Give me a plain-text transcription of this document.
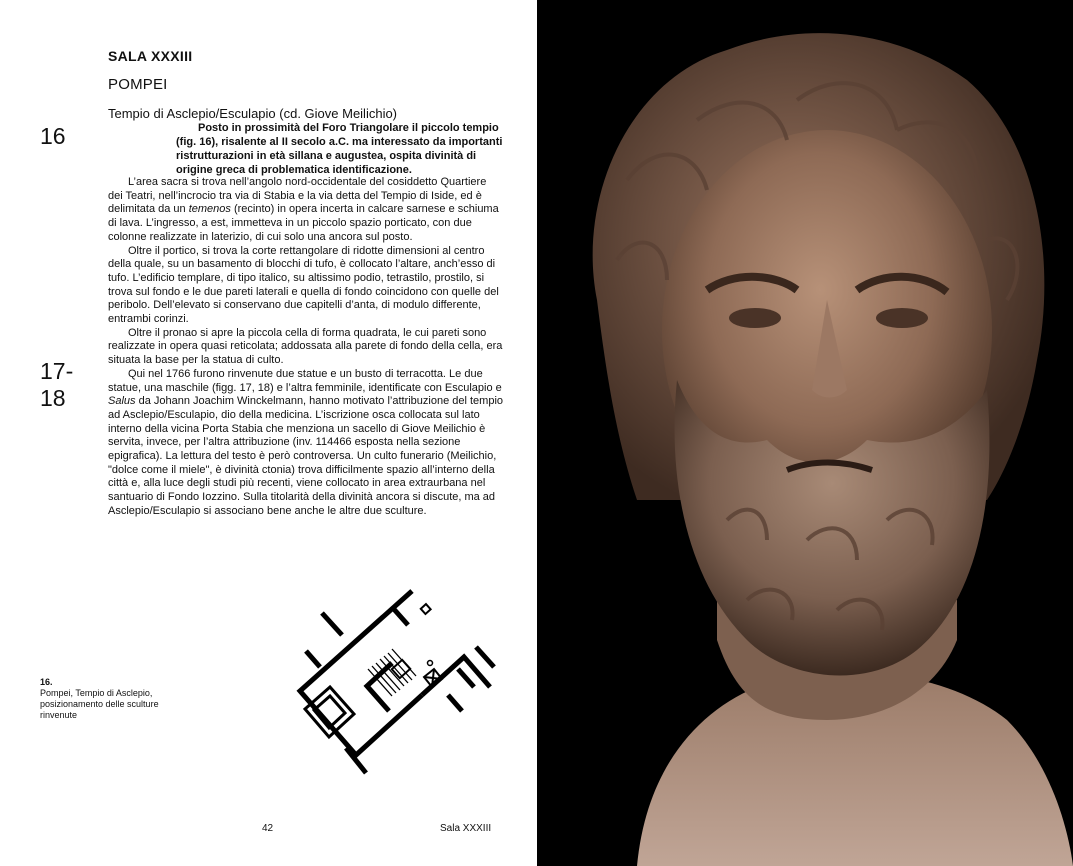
SALA XXXIII
POMPEI
Tempio di Asclepio/Esculapio (cd. Giove Meilichio)
16
17-
18
Posto in prossimità del Foro Triangolare il piccolo tempio (fig. 16), risalente al II secolo a.C. ma interessato da importanti ristrutturazioni in età sillana e augustea, ospita divinità di origine greca di problematica identificazione.

L’area sacra si trova nell’angolo nord-occidentale del cosiddetto Quartiere dei Teatri, nell’incrocio tra via di Stabia e la via detta del Tempio di Iside, ed è delimitata da un temenos (recinto) in opera incerta in calcare sarnese e schiuma di lava. L’ingresso, a est, immetteva in un piccolo spazio porticato, con due colonne realizzate in laterizio, di cui solo una ancora sul posto.

Oltre il portico, si trova la corte rettangolare di ridotte dimensioni al centro della quale, su un basamento di blocchi di tufo, è collocato l’altare, anch’esso di tufo. L’edificio templare, di tipo italico, su altissimo podio, tetrastilo, prostilo, si trova sul fondo e le due pareti laterali e quella di fondo coincidono con quelle del peribolo. Dell’elevato si conservano due capitelli d’anta, di modulo differente, entrambi corinzi.

Oltre il pronao si apre la piccola cella di forma quadrata, le cui pareti sono realizzate in opera quasi reticolata; addossata alla parete di fondo della cella, era situata la base per la statua di culto.

Qui nel 1766 furono rinvenute due statue e un busto di terracotta. Le due statue, una maschile (figg. 17, 18) e l’altra femminile, identificate con Esculapio e Salus da Johann Joachim Winckelmann, hanno motivato l’attribuzione del tempio ad Asclepio/Esculapio, dio della medicina. L’iscrizione osca collocata sul lato interno della vicina Porta Stabia che menziona un sacello di Giove Meilichio è servita, invece, per l’altra attribuzione (inv. 114466 esposta nella sezione epigrafica). La lettura del testo è però controversa. Un culto funerario (Meilichio, "dolce come il miele", è divinità ctonia) trova difficilmente spazio all’interno della città e, alla luce degli studi più recenti, viene collocato in area extraurbana nel santuario di Fondo Iozzino. Sulla titolarità della divinità ancora si discute, ma ad Asclepio/Esculapio si associano bene anche le altre due sculture.

16.
Pompei, Tempio di Asclepio, posizionamento delle sculture rinvenute
42	Sala XXXIII
